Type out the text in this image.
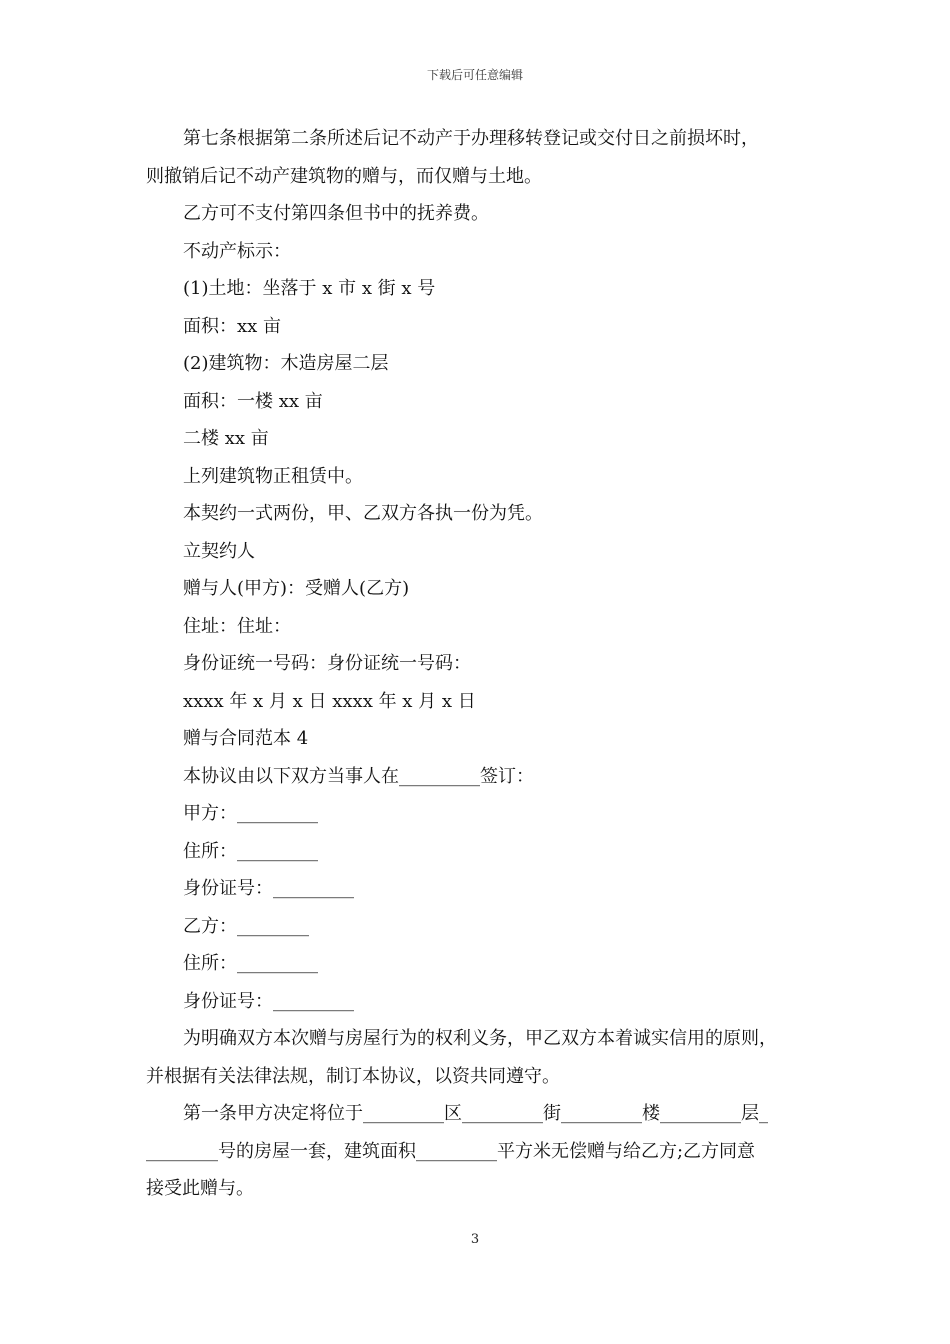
下载后可任意编辑
第七条根据第二条所述后记不动产于办理移转登记或交付日之前损坏时，
则撤销后记不动产建筑物的赠与，而仅赠与土地。
乙方可不支付第四条但书中的抚养费。
不动产标示：
(1)土地：坐落于 x 市 x 街 x 号
面积：xx 亩
(2)建筑物：木造房屋二层
面积：一楼 xx 亩
二楼 xx 亩
上列建筑物正租赁中。
本契约一式两份，甲、乙双方各执一份为凭。
立契约人
赠与人(甲方)：受赠人(乙方)
住址：住址：
身份证统一号码：身份证统一号码：
xxxx 年 x 月 x 日 xxxx 年 x 月 x 日
赠与合同范本 4
本协议由以下双方当事人在_________签订：
甲方：_________
住所：_________
身份证号：_________
乙方：________
住所：_________
身份证号：_________
为明确双方本次赠与房屋行为的权利义务，甲乙双方本着诚实信用的原则，
并根据有关法律法规，制订本协议，以资共同遵守。
第一条甲方决定将位于_________区_________街_________楼_________层_
________号的房屋一套，建筑面积_________平方米无偿赠与给乙方;乙方同意
接受此赠与。
3
